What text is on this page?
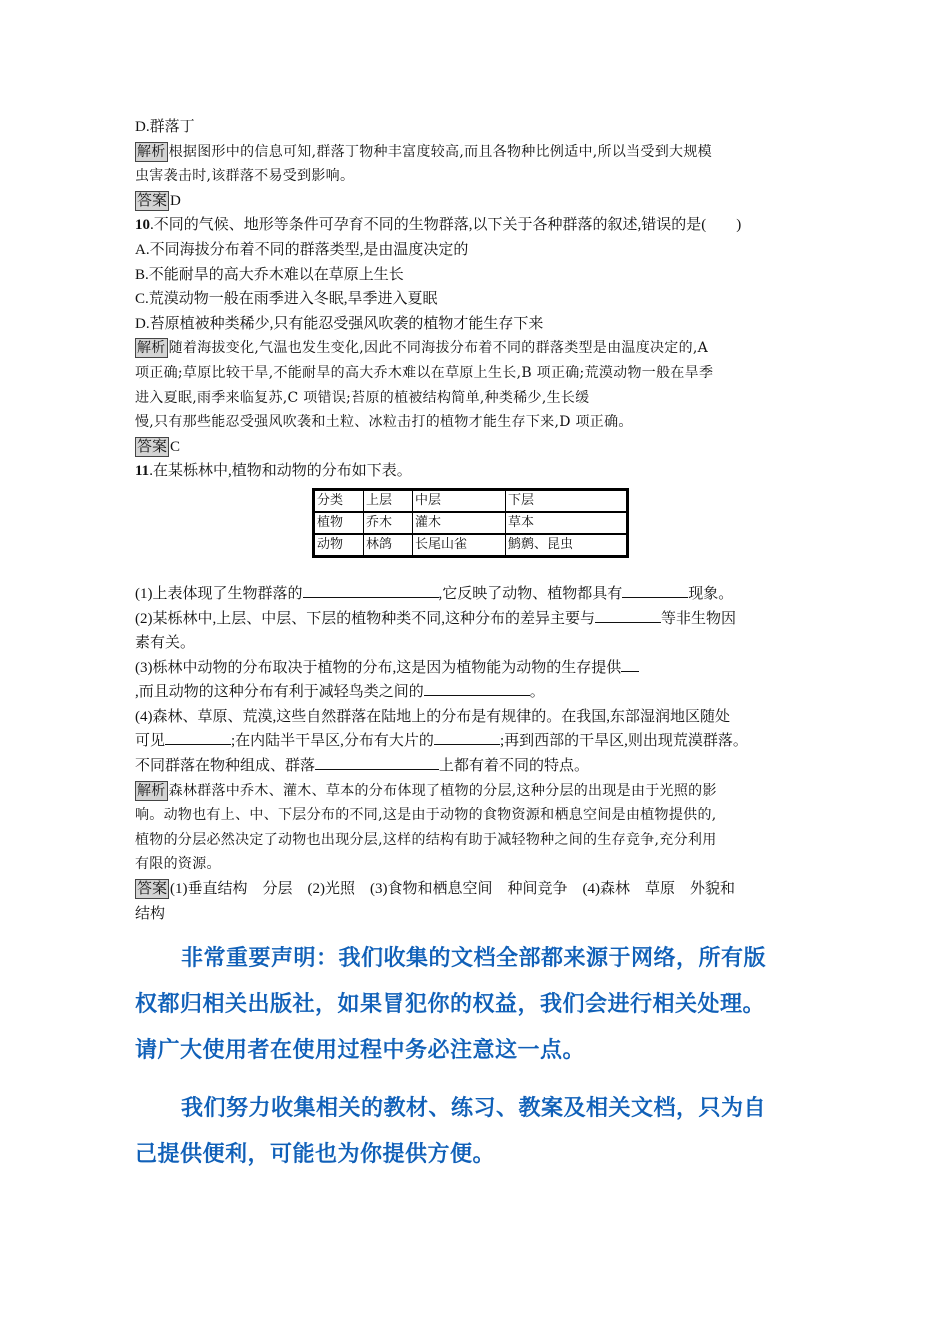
D.群落丁
解析 根据图形中的信息可知,群落丁物种丰富度较高,而且各物种比例适中,所以当受到大规模
虫害袭击时,该群落不易受到影响。
答案 D
10.不同的气候、地形等条件可孕育不同的生物群落,以下关于各种群落的叙述,错误的是(　　)
A.不同海拔分布着不同的群落类型,是由温度决定的
B.不能耐旱的高大乔木难以在草原上生长
C.荒漠动物一般在雨季进入冬眠,旱季进入夏眠
D.苔原植被种类稀少,只有能忍受强风吹袭的植物才能生存下来
解析 随着海拔变化,气温也发生变化,因此不同海拔分布着不同的群落类型是由温度决定的,A
项正确;草原比较干旱,不能耐旱的高大乔木难以在草原上生长,B 项正确;荒漠动物一般在旱季
进入夏眠,雨季来临复苏,C 项错误;苔原的植被结构简单,种类稀少,生长缓
慢,只有那些能忍受强风吹袭和土粒、冰粒击打的植物才能生存下来,D 项正确。
答案 C
11.在某栎林中,植物和动物的分布如下表。
分类	上层	中层	下层
植物	乔木	灌木	草本
动物	林鸽	长尾山雀	鹪鹩、昆虫
(1)上表体现了生物群落的	,它反映了动物、植物都具有	现象。
(2)某栎林中,上层、中层、下层的植物种类不同,这种分布的差异主要与	等非生物因
素有关。
(3)栎林中动物的分布取决于植物的分布,这是因为植物能为动物的生存提供
,而且动物的这种分布有利于减轻鸟类之间的	。
(4)森林、草原、荒漠,这些自然群落在陆地上的分布是有规律的。在我国,东部湿润地区随处
可见	;在内陆半干旱区,分布有大片的	;再到西部的干旱区,则出现荒漠群落。
不同群落在物种组成、群落	上都有着不同的特点。
解析 森林群落中乔木、灌木、草本的分布体现了植物的分层,这种分层的出现是由于光照的影
响。动物也有上、中、下层分布的不同,这是由于动物的食物资源和栖息空间是由植物提供的,
植物的分层必然决定了动物也出现分层,这样的结构有助于减轻物种之间的生存竞争,充分利用
有限的资源。
答案 (1)垂直结构　分层　(2)光照　(3)食物和栖息空间　种间竞争　(4)森林　草原　外貌和
结构
非常重要声明：我们收集的文档全部都来源于网络，所有版
权都归相关出版社，如果冒犯你的权益，我们会进行相关处理。
请广大使用者在使用过程中务必注意这一点。
我们努力收集相关的教材、练习、教案及相关文档，只为自
己提供便利，可能也为你提供方便。
